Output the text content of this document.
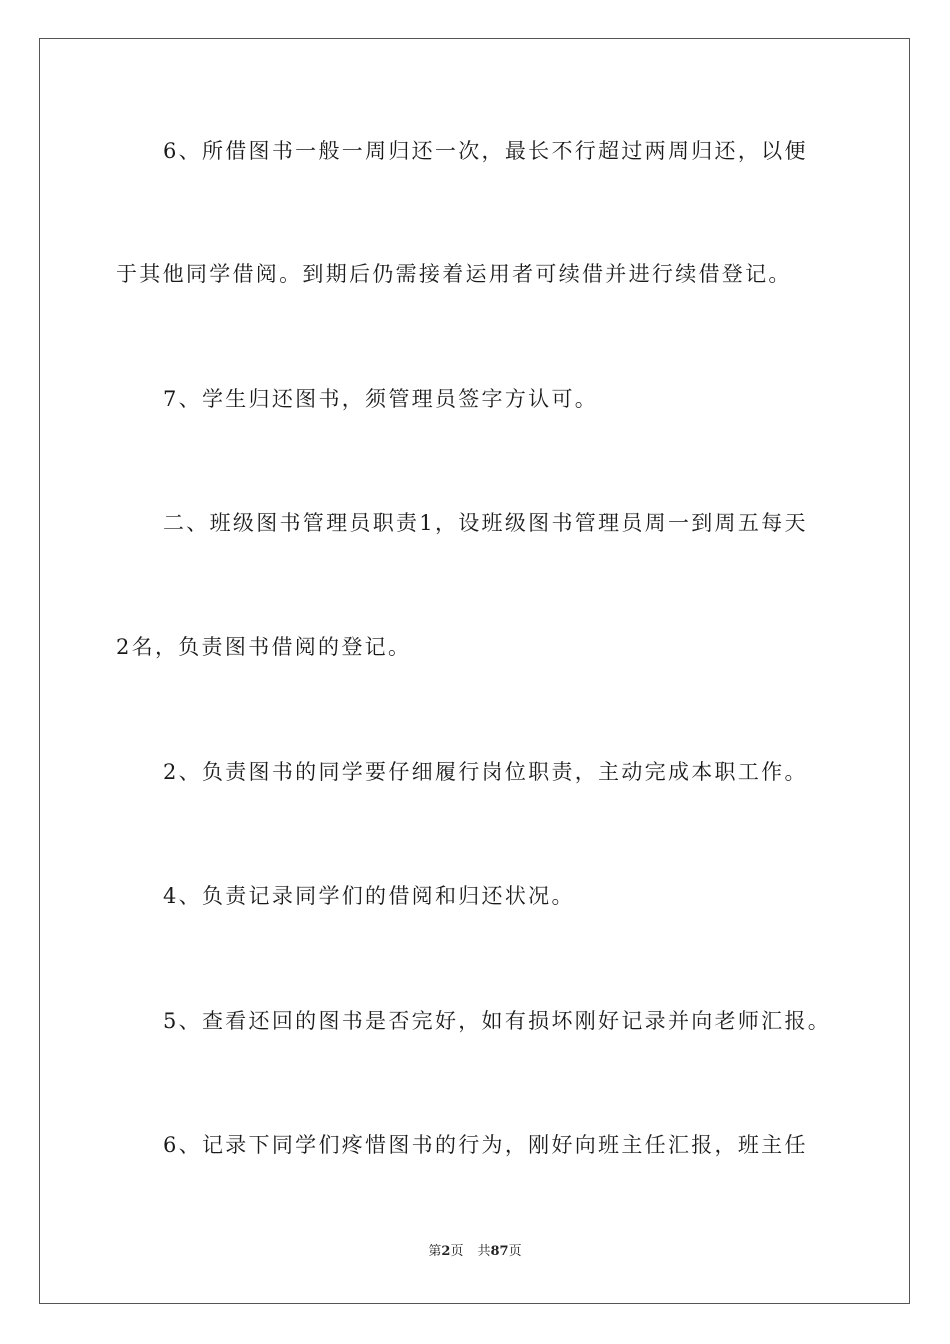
6、所借图书一般一周归还一次，最长不行超过两周归还，以便
于其他同学借阅。到期后仍需接着运用者可续借并进行续借登记。
7、学生归还图书，须管理员签字方认可。
二、班级图书管理员职责1，设班级图书管理员周一到周五每天
2名，负责图书借阅的登记。
2、负责图书的同学要仔细履行岗位职责，主动完成本职工作。
4、负责记录同学们的借阅和归还状况。
5、查看还回的图书是否完好，如有损坏刚好记录并向老师汇报。
6、记录下同学们疼惜图书的行为，刚好向班主任汇报，班主任
第2页 共87页
